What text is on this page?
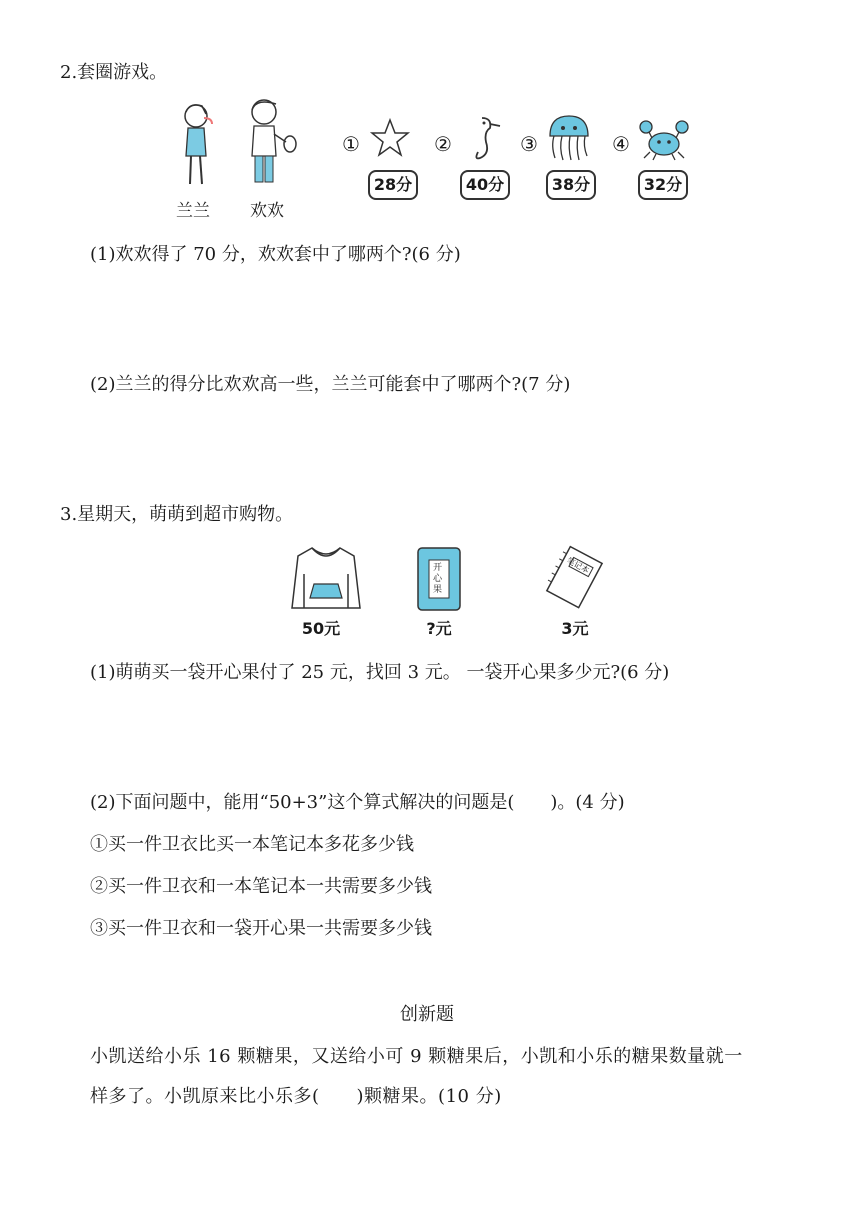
2.套圈游戏。
兰兰 欢欢
①
28分
②
40分
③
38分
④
32分
(1)欢欢得了 70 分，欢欢套中了哪两个?(6 分)
(2)兰兰的得分比欢欢高一些，兰兰可能套中了哪两个?(7 分)
3.星期天，萌萌到超市购物。
50元
开心果
?元
笔记本
3元
(1)萌萌买一袋开心果付了 25 元，找回 3 元。 一袋开心果多少元?(6 分)
(2)下面问题中，能用“50+3”这个算式解决的问题是(　　)。(4 分)
①买一件卫衣比买一本笔记本多花多少钱
②买一件卫衣和一本笔记本一共需要多少钱
③买一件卫衣和一袋开心果一共需要多少钱
创新题
小凯送给小乐 16 颗糖果，又送给小可 9 颗糖果后，小凯和小乐的糖果数量就一
样多了。小凯原来比小乐多(　　)颗糖果。(10 分)
